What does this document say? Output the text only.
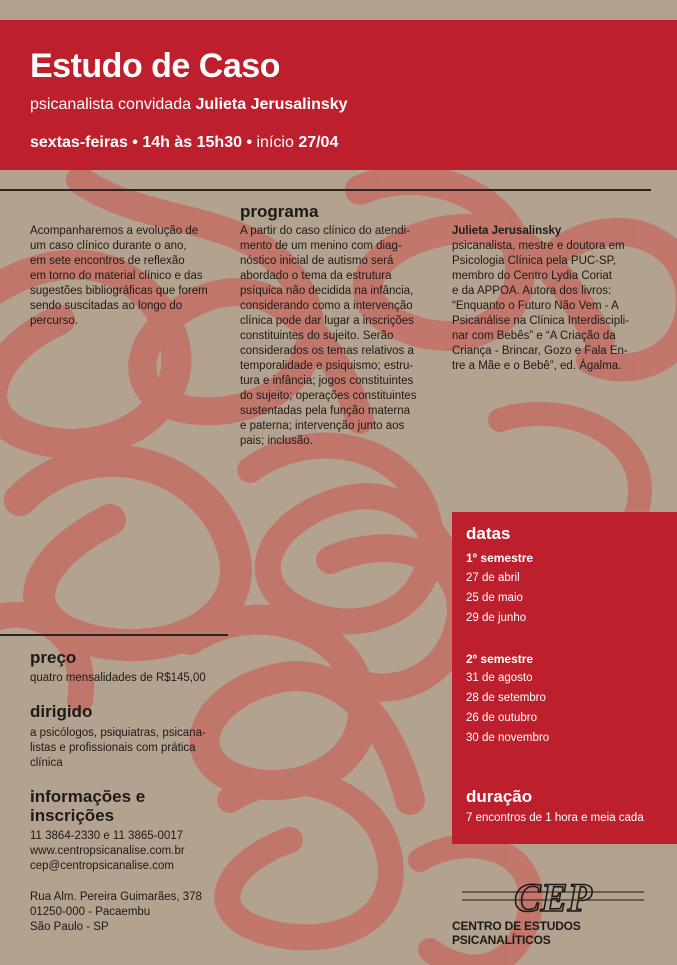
Estudo de Caso
psicanalista convidada Julieta Jerusalinsky
sextas-feiras • 14h às 15h30 • início 27/04
Acompanharemos a evolução de
um caso clínico durante o ano,
em sete encontros de reflexão
em torno do material clínico e das
sugestões bibliográficas que forem
sendo suscitadas ao longo do
percurso.
programa
A partir do caso clínico do atendi-
mento de um menino com diag-
nóstico inicial de autismo será
abordado o tema da estrutura
psíquica não decidida na infância,
considerando como a intervenção
clínica pode dar lugar a inscrições
constituintes do sujeito. Serão
considerados os temas relativos a
temporalidade e psiquismo; estru-
tura e infância; jogos constituintes
do sujeito; operações constituintes
sustentadas pela função materna
e paterna; intervenção junto aos
pais; inclusão.
Julieta Jerusalinsky
psicanalista, mestre e doutora em
Psicologia Clínica pela PUC-SP,
membro do Centro Lydia Coriat
e da APPOA. Autora dos livros:
“Enquanto o Futuro Não Vem - A
Psicanálise na Clínica Interdiscipli-
nar com Bebês” e “A Criação da
Criança - Brincar, Gozo e Fala En-
tre a Mãe e o Bebê”, ed. Ágalma.
datas
1º semestre
27 de abril
25 de maio
29 de junho
2º semestre
31 de agosto
28 de setembro
26 de outubro
30 de novembro
duração
7 encontros de 1 hora e meia cada
preço
quatro mensalidades de R$145,00
dirigido
a psicólogos, psiquiatras, psicana-
listas e profissionais com prática
clínica
informações e
inscrições
11 3864-2330 e 11 3865-0017
www.centropsicanalise.com.br
cep@centropsicanalise.com
Rua Alm. Pereira Guimarães, 378
01250-000 - Pacaembu
São Paulo - SP
CEP
CENTRO DE ESTUDOS PSICANALÍTICOS
